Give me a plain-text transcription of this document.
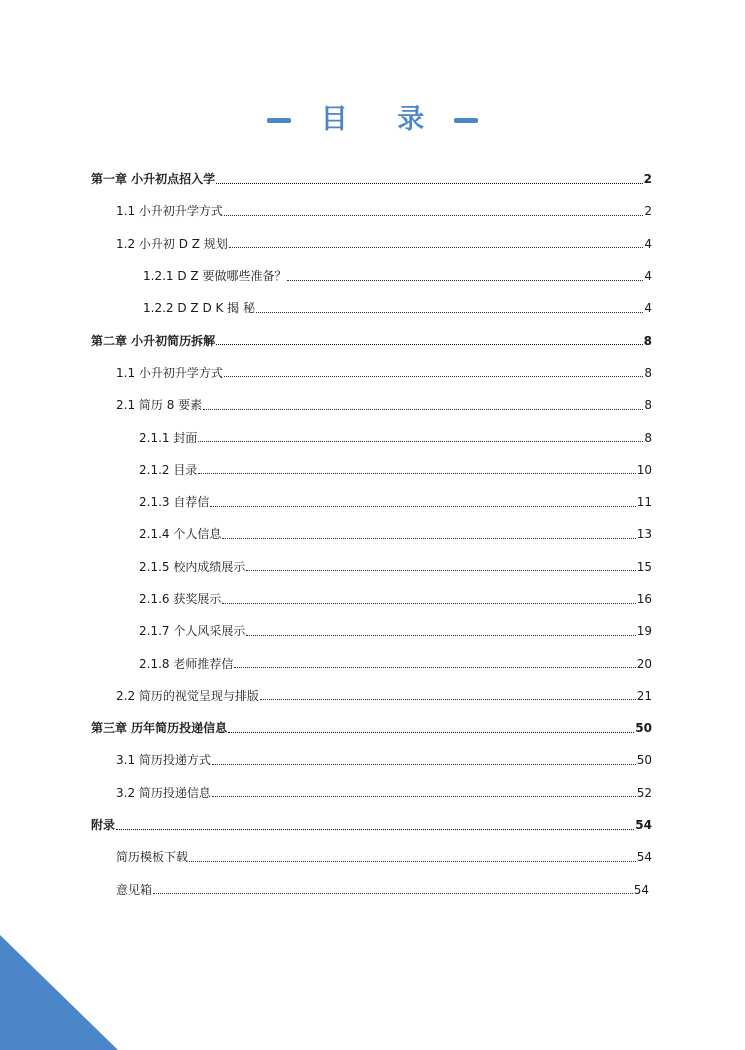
目 录
第一章 小升初点招入学	2
1.1 小升初升学方式	2
1.2 小升初 D Z 规划	4
1.2.1 D Z 要做哪些准备？	4
1.2.2 D Z D K 揭 秘	4
第二章 小升初简历拆解	8
1.1 小升初升学方式	8
2.1 简历 8 要素	8
2.1.1 封面	8
2.1.2 目录	10
2.1.3 自荐信	11
2.1.4 个人信息	13
2.1.5 校内成绩展示	15
2.1.6 获奖展示	16
2.1.7 个人风采展示	19
2.1.8 老师推荐信	20
2.2 简历的视觉呈现与排版	21
第三章 历年简历投递信息	50
3.1 简历投递方式	50
3.2 简历投递信息	52
附录	54
简历模板下载	54
意见箱	54
